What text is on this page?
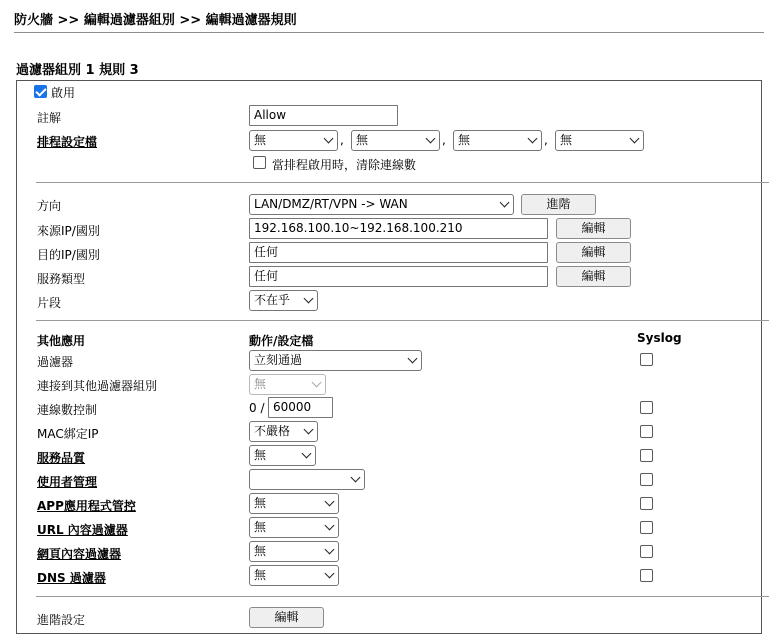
防火牆 >> 編輯過濾器組別 >> 編輯過濾器規則
過濾器組別 1 規則 3
啟用
註解	Allow
排程設定檔	無	,	無	,	無	,	無
當排程啟用時，清除連線數
方向	LAN/DMZ/RT/VPN -> WAN	進階
來源IP/國別	192.168.100.10~192.168.100.210	編輯
目的IP/國別	任何	編輯
服務類型	任何	編輯
片段	不在乎
其他應用	動作/設定檔	Syslog
過濾器	立刻通過
連接到其他過濾器組別	無
連線數控制	0 / 60000
MAC綁定IP	不嚴格
服務品質	無
使用者管理
APP應用程式管控	無
URL 內容過濾器	無
網頁內容過濾器	無
DNS 過濾器	無
進階設定	編輯
